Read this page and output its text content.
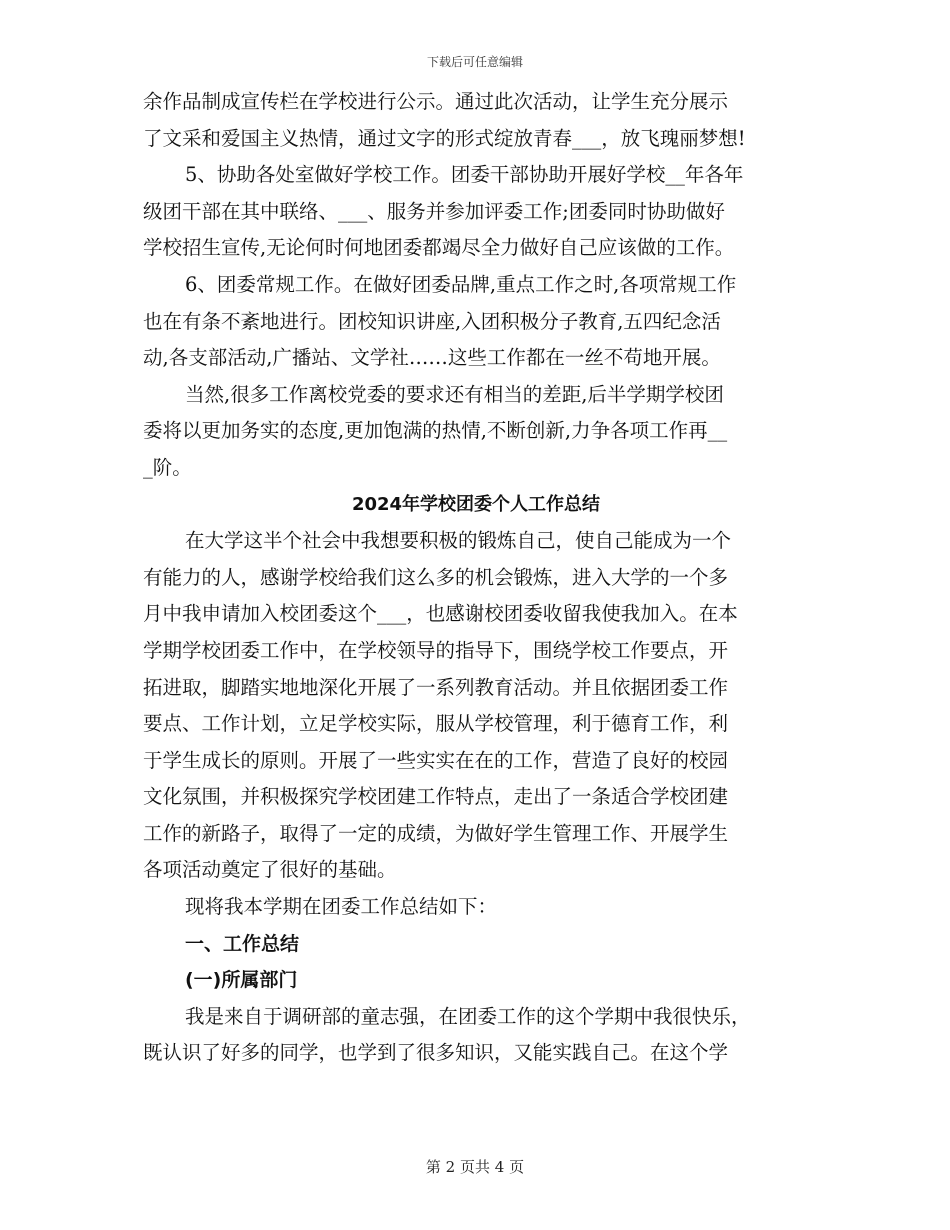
下载后可任意编辑
余作品制成宣传栏在学校进行公示。通过此次活动，让学生充分展示
了文采和爱国主义热情，通过文字的形式绽放青春___，放飞瑰丽梦想!
5、协助各处室做好学校工作。团委干部协助开展好学校__年各年
级团干部在其中联络、___、服务并参加评委工作;团委同时协助做好
学校招生宣传,无论何时何地团委都竭尽全力做好自己应该做的工作。
6、团委常规工作。在做好团委品牌,重点工作之时,各项常规工作
也在有条不紊地进行。团校知识讲座,入团积极分子教育,五四纪念活
动,各支部活动,广播站、文学社……这些工作都在一丝不苟地开展。
当然,很多工作离校党委的要求还有相当的差距,后半学期学校团
委将以更加务实的态度,更加饱满的热情,不断创新,力争各项工作再__
_阶。
2024年学校团委个人工作总结
在大学这半个社会中我想要积极的锻炼自己，使自己能成为一个
有能力的人，感谢学校给我们这么多的机会锻炼，进入大学的一个多
月中我申请加入校团委这个___，也感谢校团委收留我使我加入。在本
学期学校团委工作中，在学校领导的指导下，围绕学校工作要点，开
拓进取，脚踏实地地深化开展了一系列教育活动。并且依据团委工作
要点、工作计划，立足学校实际，服从学校管理，利于德育工作，利
于学生成长的原则。开展了一些实实在在的工作，营造了良好的校园
文化氛围，并积极探究学校团建工作特点，走出了一条适合学校团建
工作的新路子，取得了一定的成绩，为做好学生管理工作、开展学生
各项活动奠定了很好的基础。
现将我本学期在团委工作总结如下：
一、工作总结
(一)所属部门
我是来自于调研部的童志强，在团委工作的这个学期中我很快乐，
既认识了好多的同学，也学到了很多知识，又能实践自己。在这个学
第 2 页共 4 页
